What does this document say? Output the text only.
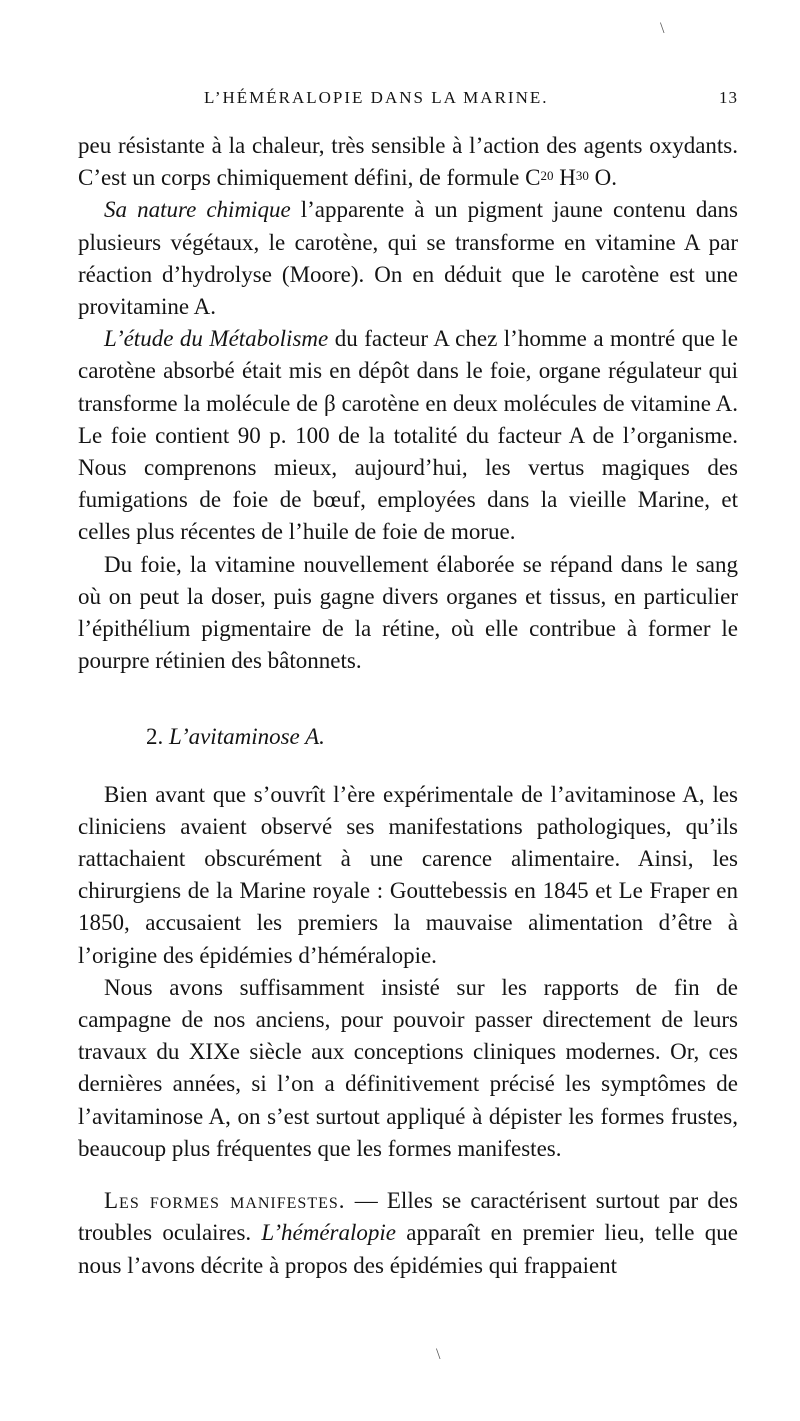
L’HÉMÉRALOPIE DANS LA MARINE.	13

peu résistante à la chaleur, très sensible à l’action des agents oxydants. C’est un corps chimiquement défini, de formule $C^{20}$ $H^{30}$ O.

Sa nature chimique l’apparente à un pigment jaune contenu dans plusieurs végétaux, le carotène, qui se transforme en vitamine A par réaction d’hydrolyse (Moore). On en déduit que le carotène est une provitamine A.

L’étude du Métabolisme du facteur A chez l’homme a montré que le carotène absorbé était mis en dépôt dans le foie, organe régulateur qui transforme la molécule de β carotène en deux molécules de vitamine A. Le foie contient 90 p. 100 de la totalité du facteur A de l’organisme. Nous comprenons mieux, aujourd’hui, les vertus magiques des fumigations de foie de bœuf, employées dans la vieille Marine, et celles plus récentes de l’huile de foie de morue.

Du foie, la vitamine nouvellement élaborée se répand dans le sang où on peut la doser, puis gagne divers organes et tissus, en particulier l’épithélium pigmentaire de la rétine, où elle contribue à former le pourpre rétinien des bâtonnets.

2. L’avitaminose A.

Bien avant que s’ouvrît l’ère expérimentale de l’avitaminose A, les cliniciens avaient observé ses manifestations pathologiques, qu’ils rattachaient obscurément à une carence alimentaire. Ainsi, les chirurgiens de la Marine royale : Gouttebessis en 1845 et Le Fraper en 1850, accusaient les premiers la mauvaise alimentation d’être à l’origine des épidémies d’héméralopie.

Nous avons suffisamment insisté sur les rapports de fin de campagne de nos anciens, pour pouvoir passer directement de leurs travaux du XIXe siècle aux conceptions cliniques modernes. Or, ces dernières années, si l’on a définitivement précisé les symptômes de l’avitaminose A, on s’est surtout appliqué à dépister les formes frustes, beaucoup plus fréquentes que les formes manifestes.

Les formes manifestes. — Elles se caractérisent surtout par des troubles oculaires. L’héméralopie apparaît en premier lieu, telle que nous l’avons décrite à propos des épidémies qui frappaient

\
\
